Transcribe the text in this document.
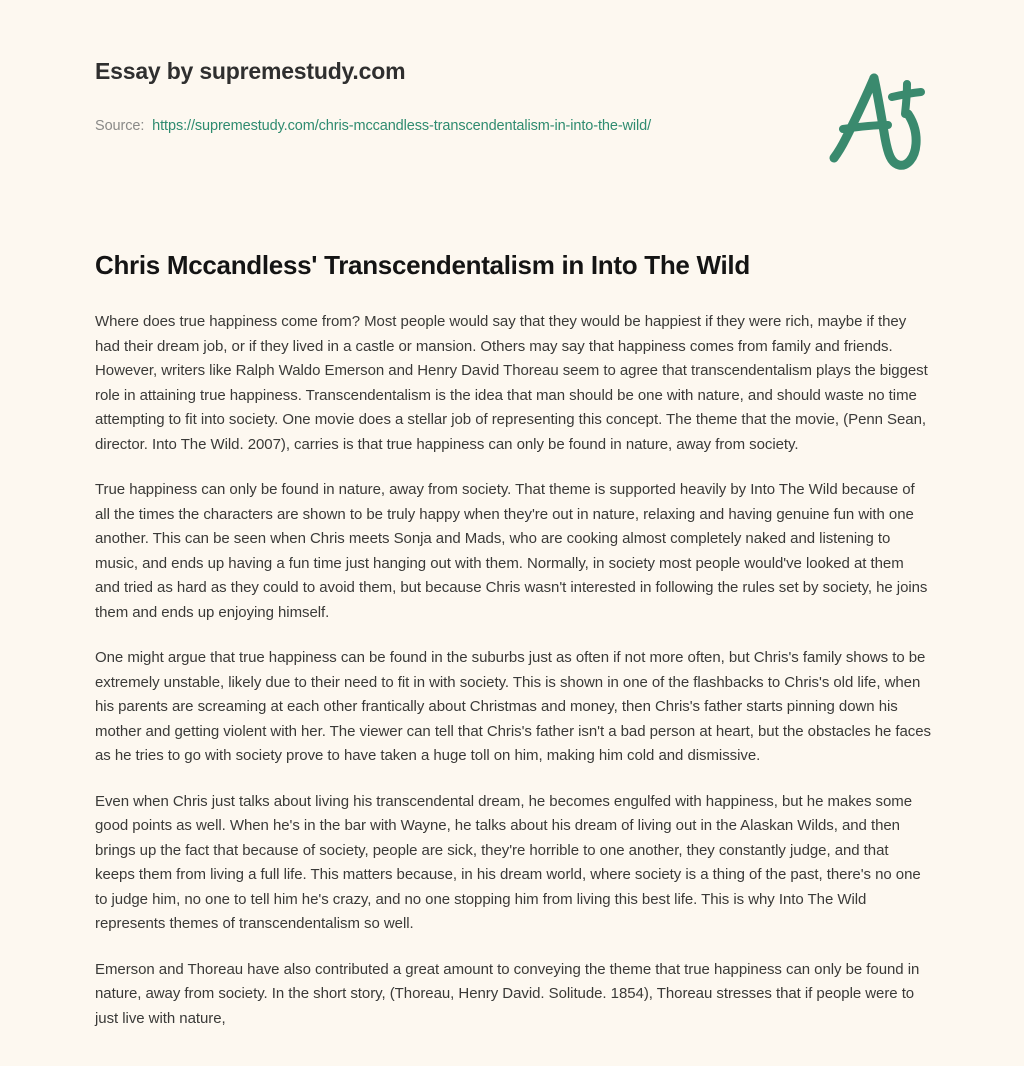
Essay by supremestudy.com
Source: https://supremestudy.com/chris-mccandless-transcendentalism-in-into-the-wild/
Chris Mccandless' Transcendentalism in Into The Wild

Where does true happiness come from? Most people would say that they would be happiest if they were rich, maybe if they had their dream job, or if they lived in a castle or mansion. Others may say that happiness comes from family and friends. However, writers like Ralph Waldo Emerson and Henry David Thoreau seem to agree that transcendentalism plays the biggest role in attaining true happiness. Transcendentalism is the idea that man should be one with nature, and should waste no time attempting to fit into society. One movie does a stellar job of representing this concept. The theme that the movie, (Penn Sean, director. Into The Wild. 2007), carries is that true happiness can only be found in nature, away from society.

True happiness can only be found in nature, away from society. That theme is supported heavily by Into The Wild because of all the times the characters are shown to be truly happy when they're out in nature, relaxing and having genuine fun with one another. This can be seen when Chris meets Sonja and Mads, who are cooking almost completely naked and listening to music, and ends up having a fun time just hanging out with them. Normally, in society most people would've looked at them and tried as hard as they could to avoid them, but because Chris wasn't interested in following the rules set by society, he joins them and ends up enjoying himself.

One might argue that true happiness can be found in the suburbs just as often if not more often, but Chris's family shows to be extremely unstable, likely due to their need to fit in with society. This is shown in one of the flashbacks to Chris's old life, when his parents are screaming at each other frantically about Christmas and money, then Chris's father starts pinning down his mother and getting violent with her. The viewer can tell that Chris's father isn't a bad person at heart, but the obstacles he faces as he tries to go with society prove to have taken a huge toll on him, making him cold and dismissive.

Even when Chris just talks about living his transcendental dream, he becomes engulfed with happiness, but he makes some good points as well. When he's in the bar with Wayne, he talks about his dream of living out in the Alaskan Wilds, and then brings up the fact that because of society, people are sick, they're horrible to one another, they constantly judge, and that keeps them from living a full life. This matters because, in his dream world, where society is a thing of the past, there's no one to judge him, no one to tell him he's crazy, and no one stopping him from living this best life. This is why Into The Wild represents themes of transcendentalism so well.

Emerson and Thoreau have also contributed a great amount to conveying the theme that true happiness can only be found in nature, away from society. In the short story, (Thoreau, Henry David. Solitude. 1854), Thoreau stresses that if people were to just live with nature,
